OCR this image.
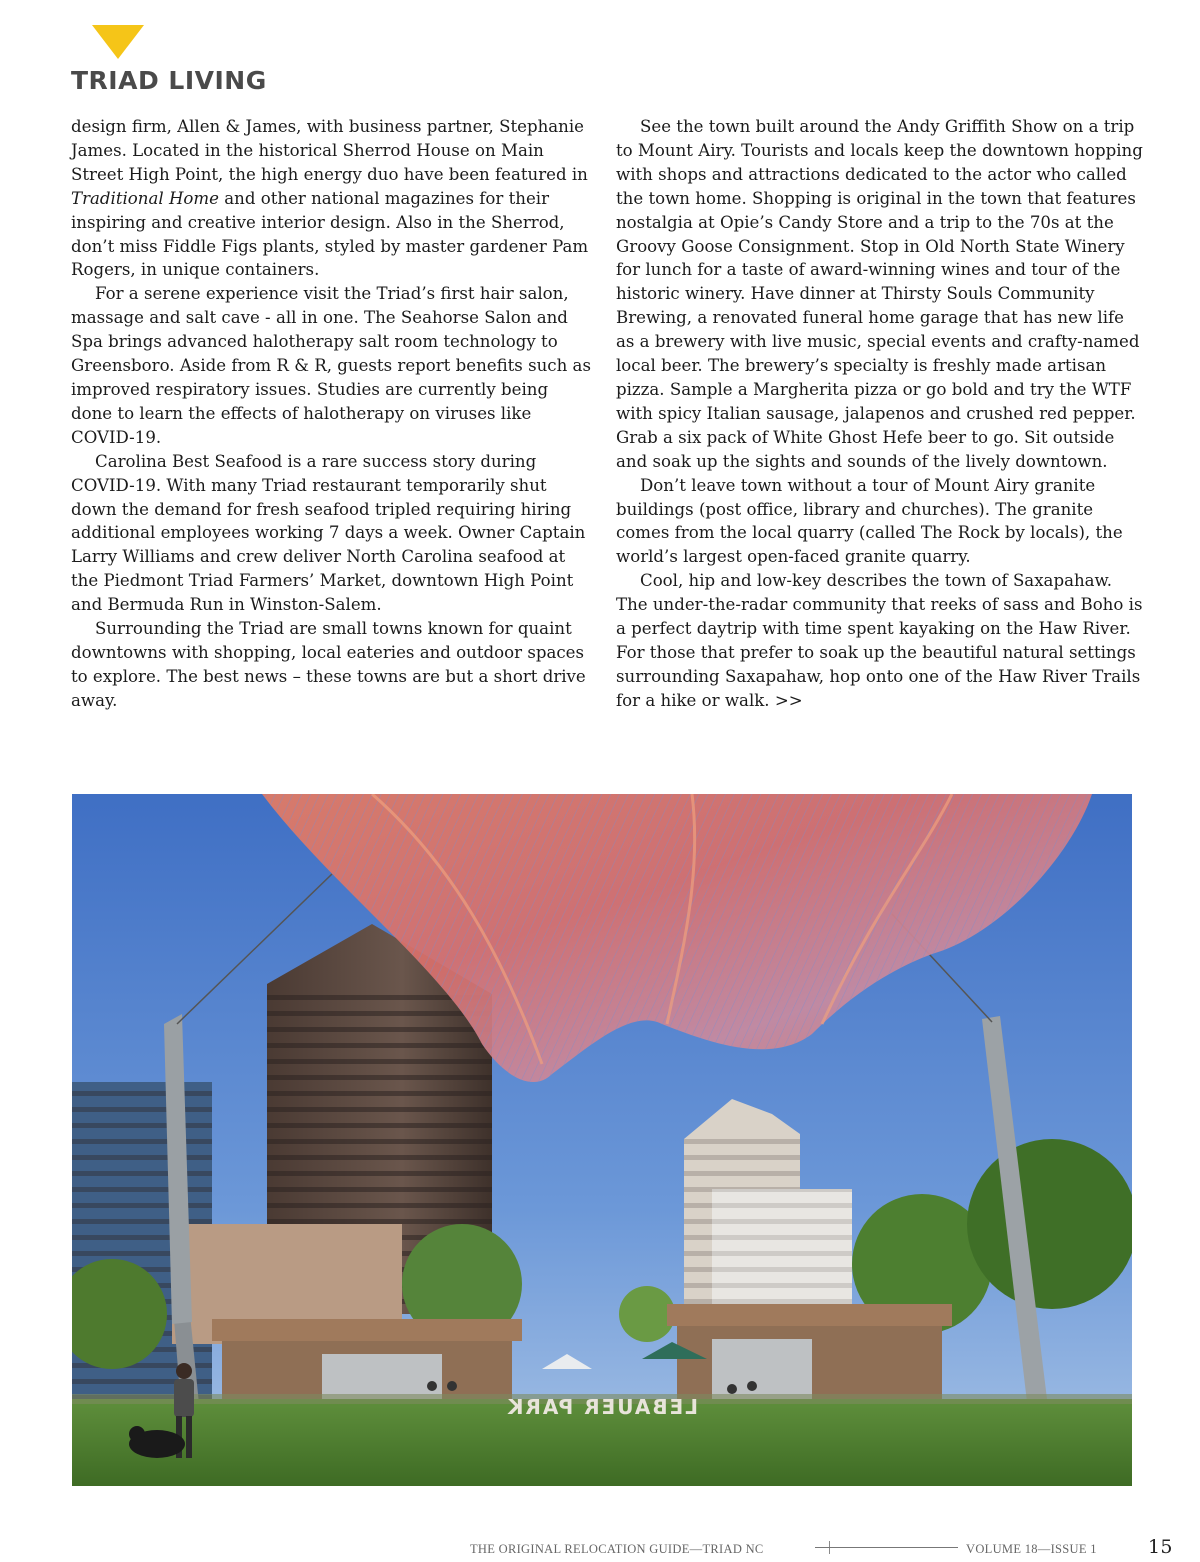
TRIAD LIVING

design firm, Allen & James, with business partner, Stephanie James. Located in the historical Sherrod House on Main Street High Point, the high energy duo have been featured in Traditional Home and other national magazines for their inspiring and creative interior design. Also in the Sherrod, don’t miss Fiddle Figs plants, styled by master gardener Pam Rogers, in unique containers.

For a serene experience visit the Triad’s first hair salon, massage and salt cave - all in one. The Seahorse Salon and Spa brings advanced halotherapy salt room technology to Greensboro. Aside from R & R, guests report benefits such as improved respiratory issues. Studies are currently being done to learn the effects of halotherapy on viruses like COVID-19.

Carolina Best Seafood is a rare success story during COVID-19. With many Triad restaurant temporarily shut down the demand for fresh seafood tripled requiring hiring additional employees working 7 days a week. Owner Captain Larry Williams and crew deliver North Carolina seafood at the Piedmont Triad Farmers’ Market, downtown High Point and Bermuda Run in Winston-Salem.

Surrounding the Triad are small towns known for quaint downtowns with shopping, local eateries and outdoor spaces to explore. The best news – these towns are but a short drive away.

See the town built around the Andy Griffith Show on a trip to Mount Airy. Tourists and locals keep the downtown hopping with shops and attractions dedicated to the actor who called the town home. Shopping is original in the town that features nostalgia at Opie’s Candy Store and a trip to the 70s at the Groovy Goose Consignment. Stop in Old North State Winery for lunch for a taste of award-winning wines and tour of the historic winery. Have dinner at Thirsty Souls Community Brewing, a renovated funeral home garage that has new life as a brewery with live music, special events and crafty-named local beer. The brewery’s specialty is freshly made artisan pizza. Sample a Margherita pizza or go bold and try the WTF with spicy Italian sausage, jalapenos and crushed red pepper. Grab a six pack of White Ghost Hefe beer to go. Sit outside and soak up the sights and sounds of the lively downtown.

Don’t leave town without a tour of Mount Airy granite buildings (post office, library and churches). The granite comes from the local quarry (called The Rock by locals), the world’s largest open-faced granite quarry.

Cool, hip and low-key describes the town of Saxapahaw. The under-the-radar community that reeks of sass and Boho is a perfect daytrip with time spent kayaking on the Haw River. For those that prefer to soak up the beautiful natural settings surrounding Saxapahaw, hop onto one of the Haw River Trails for a hike or walk. >>

LEBAUER PARK
THE ORIGINAL RELOCATION GUIDE—TRIAD NC	|	VOLUME 18—ISSUE 1	15
